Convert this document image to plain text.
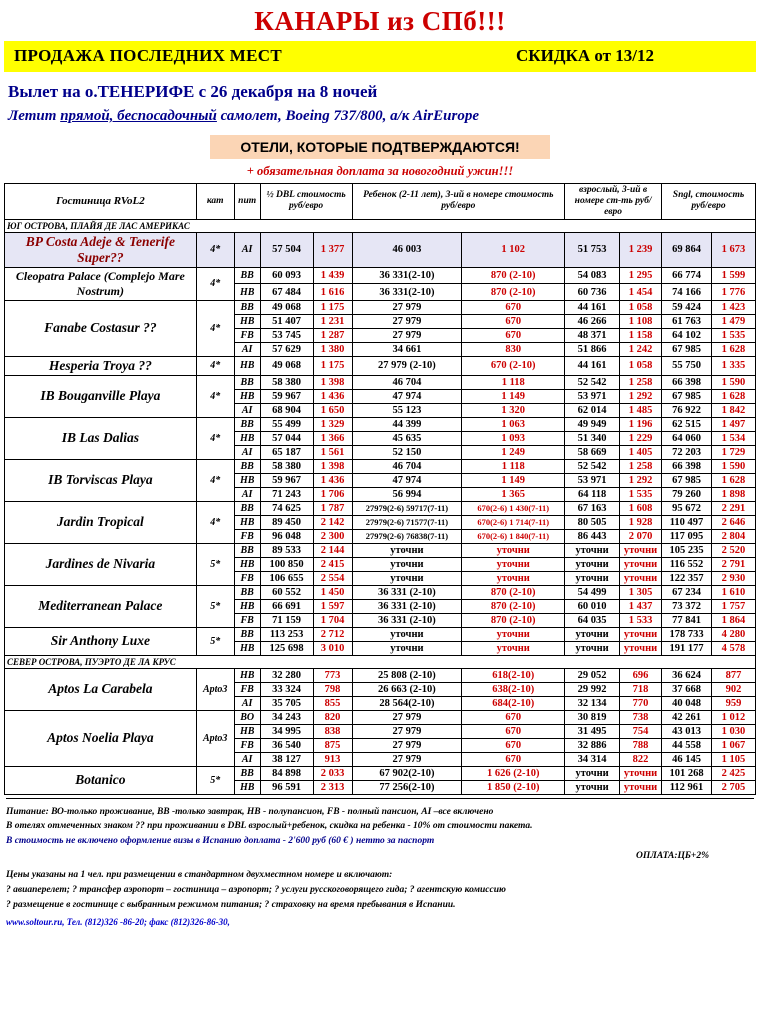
КАНАРЫ из СПб!!!
ПРОДАЖА ПОСЛЕДНИХ МЕСТ	СКИДКА от 13/12
Вылет на о.ТЕНЕРИФЕ с 26 декабря на 8 ночей
Летит прямой, беспосадочный самолет, Boeing 737/800, а/к AirEurope
ОТЕЛИ, КОТОРЫЕ ПОДТВЕРЖДАЮТСЯ!
+ обязательная доплата за новогодний ужин!!!
Гостиница RVoL2	кат	пит	½ DBL стоимость руб/евро		Ребенок (2-11 лет), 3-ий в номере стоимость руб/евро		взрослый, 3-ий в номере ст-ть руб/евро		Sngl, стоимость руб/евро	
ЮГ ОСТРОВА, ПЛАЙЯ ДЕ ЛАС АМЕРИКАС										
BP Costa Adeje & Tenerife Super??	4*	AI	57 504	1 377	46 003	1 102	51 753	1 239	69 864	1 673
Cleopatra Palace (Complejo Mare Nostrum)	4*	BB	60 093	1 439	36 331(2-10)	870 (2-10)	54 083	1 295	66 774	1 599
		HB	67 484	1 616	36 331(2-10)	870 (2-10)	60 736	1 454	74 166	1 776
Fanabe Costasur ??	4*	BB	49 068	1 175	27 979	670	44 161	1 058	59 424	1 423
		HB	51 407	1 231	27 979	670	46 266	1 108	61 763	1 479
		FB	53 745	1 287	27 979	670	48 371	1 158	64 102	1 535
		AI	57 629	1 380	34 661	830	51 866	1 242	67 985	1 628
Hesperia Troya ??	4*	HB	49 068	1 175	27 979 (2-10)	670 (2-10)	44 161	1 058	55 750	1 335
IB Bouganville Playa	4*	BB	58 380	1 398	46 704	1 118	52 542	1 258	66 398	1 590
		HB	59 967	1 436	47 974	1 149	53 971	1 292	67 985	1 628
		AI	68 904	1 650	55 123	1 320	62 014	1 485	76 922	1 842
IB Las Dalias	4*	BB	55 499	1 329	44 399	1 063	49 949	1 196	62 515	1 497
		HB	57 044	1 366	45 635	1 093	51 340	1 229	64 060	1 534
		AI	65 187	1 561	52 150	1 249	58 669	1 405	72 203	1 729
IB Torviscas Playa	4*	BB	58 380	1 398	46 704	1 118	52 542	1 258	66 398	1 590
		HB	59 967	1 436	47 974	1 149	53 971	1 292	67 985	1 628
		AI	71 243	1 706	56 994	1 365	64 118	1 535	79 260	1 898
Jardin Tropical	4*	BB	74 625	1 787	27979(2-6) 59717(7-11)	670(2-6) 1 430(7-11)	67 163	1 608	95 672	2 291
		HB	89 450	2 142	27979(2-6) 71577(7-11)	670(2-6) 1 714(7-11)	80 505	1 928	110 497	2 646
		FB	96 048	2 300	27979(2-6) 76838(7-11)	670(2-6) 1 840(7-11)	86 443	2 070	117 095	2 804
Jardines de Nivaria	5*	BB	89 533	2 144	уточни	уточни	уточни	уточни	105 235	2 520
		HB	100 850	2 415	уточни	уточни	уточни	уточни	116 552	2 791
		FB	106 655	2 554	уточни	уточни	уточни	уточни	122 357	2 930
Mediterranean Palace	5*	BB	60 552	1 450	36 331 (2-10)	870 (2-10)	54 499	1 305	67 234	1 610
		HB	66 691	1 597	36 331 (2-10)	870 (2-10)	60 010	1 437	73 372	1 757
		FB	71 159	1 704	36 331 (2-10)	870 (2-10)	64 035	1 533	77 841	1 864
Sir Anthony Luxe	5*	BB	113 253	2 712	уточни	уточни	уточни	уточни	178 733	4 280
		HB	125 698	3 010	уточни	уточни	уточни	уточни	191 177	4 578
СЕВЕР ОСТРОВА, ПУЭРТО ДЕ ЛА КРУС										
Aptos La Carabela	Apto3	HB	32 280	773	25 808 (2-10)	618(2-10)	29 052	696	36 624	877
		FB	33 324	798	26 663 (2-10)	638(2-10)	29 992	718	37 668	902
		AI	35 705	855	28 564(2-10)	684(2-10)	32 134	770	40 048	959
Aptos Noelia Playa	Apto3	BO	34 243	820	27 979	670	30 819	738	42 261	1 012
		HB	34 995	838	27 979	670	31 495	754	43 013	1 030
		FB	36 540	875	27 979	670	32 886	788	44 558	1 067
		AI	38 127	913	27 979	670	34 314	822	46 145	1 105
Botanico	5*	BB	84 898	2 033	67 902(2-10)	1 626 (2-10)	уточни	уточни	101 268	2 425
		HB	96 591	2 313	77 256(2-10)	1 850 (2-10)	уточни	уточни	112 961	2 705
Питание: ВО-только проживание, ВВ -только завтрак, НВ - полупансион, FB - полный пансион, AI –все включено
В отелях отмеченных знаком ?? при проживании в DBL взрослый+ребенок, скидка на ребенка - 10% от стоимости пакета.
В стоимость не включено оформление визы в Испанию доплата - 2'600 руб (60 € ) нетто за паспорт
ОПЛАТА:ЦБ+2%
Цены указаны на 1 чел. при размещении в стандартном двухместном номере и включают:
? авиаперелет; ? трансфер аэропорт – гостиница – аэропорт; ? услуги русскоговорящего гида; ? агентскую комиссию
? размещение в гостинице с выбранным режимом питания; ? страховку на время пребывания в Испании.
www.soltour.ru, Тел. (812)326 -86-20; факс (812)326-86-30,
